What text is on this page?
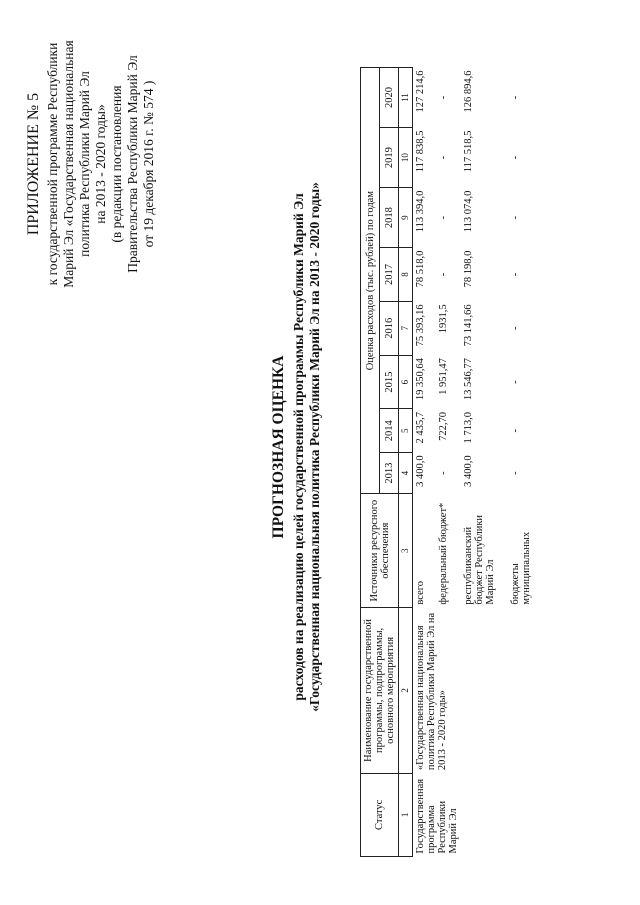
ПРИЛОЖЕНИЕ № 5 к государственной программе Республики Марий Эл «Государственная национальная политика Республики Марий Эл на 2013 - 2020 годы» (в редакции постановления Правительства Республики Марий Эл от 19 декабря 2016 г. № 574 )
ПРОГНОЗНАЯ ОЦЕНКА расходов на реализацию целей государственной программы Республики Марий Эл «Государственная национальная политика Республики Марий Эл на 2013 - 2020 годы»
Статус	Наименование государственной программы, подпрограммы, основного мероприятия	Источники ресурсного обеспечения	Оценка расходов (тыс. рублей) по годам							
			2013	2014	2015	2016	2017	2018	2019	2020
1	2	3	4	5	6	7	8	9	10	11
Государственная программа Республики Марий Эл	«Государственная национальная политика Республики Марий Эл на 2013 - 2020 годы»	всего	3 400,0	2 435,7	19 350,64	75 393,16	78 518,0	113 394,0	117 838,5	127 214,6
		федеральный бюджет*	-	722,70	1 951,47	1931,5	-	-	-	-
		республиканский бюджет Республики Марий Эл	3 400,0	1 713,0	13 546,77	73 141,66	78 198,0	113 074,0	117 518,5	126 894,6
		бюджеты муниципальных	-	-	-	-	-	-	-	-
